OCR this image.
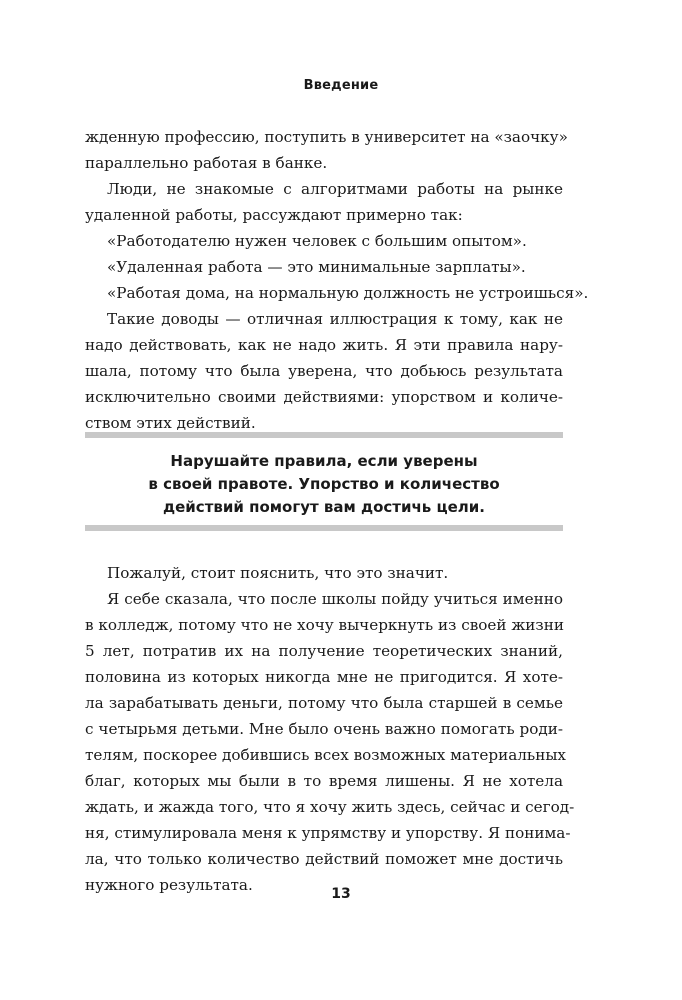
Введение

жденную профессию, поступить в университет на «заочку»

параллельно работая в банке.

Люди, не знакомые с алгоритмами работы на рынке

удаленной работы, рассуждают примерно так:

«Работодателю нужен человек с большим опытом».

«Удаленная работа — это минимальные зарплаты».

«Работая дома, на нормальную должность не устроишься».

Такие доводы — отличная иллюстрация к тому, как не

надо действовать, как не надо жить. Я эти правила нару-

шала, потому что была уверена, что добьюсь результата

исключительно своими действиями: упорством и количе-

ством этих действий.

Нарушайте правила, если уверены
в своей правоте. Упорство и количество
действий помогут вам достичь цели.

Пожалуй, стоит пояснить, что это значит.

Я себе сказала, что после школы пойду учиться именно

в колледж, потому что не хочу вычеркнуть из своей жизни

5 лет, потратив их на получение теоретических знаний,

половина из которых никогда мне не пригодится. Я хоте-

ла зарабатывать деньги, потому что была старшей в семье

с четырьмя детьми. Мне было очень важно помогать роди-

телям, поскорее добившись всех возможных материальных

благ, которых мы были в то время лишены. Я не хотела

ждать, и жажда того, что я хочу жить здесь, сейчас и сегод-

ня, стимулировала меня к упрямству и упорству. Я понима-

ла, что только количество действий поможет мне достичь

нужного результата.	13
